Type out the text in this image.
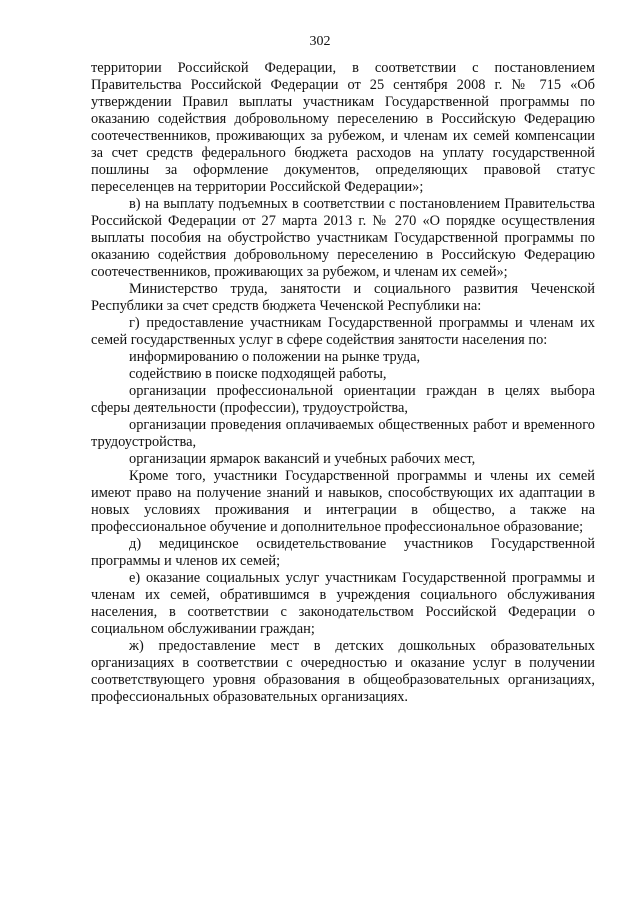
302

территории Российской Федерации, в соответствии с постановлением Правительства Российской Федерации от 25 сентября 2008 г. № 715 «Об утверждении Правил выплаты участникам Государственной программы по оказанию содействия добровольному переселению в Российскую Федерацию соотечественников, проживающих за рубежом, и членам их семей компенсации за счет средств федерального бюджета расходов на уплату государственной пошлины за оформление документов, определяющих правовой статус переселенцев на территории Российской Федерации»;

в) на выплату подъемных в соответствии с постановлением Правительства Российской Федерации от 27 марта 2013 г. № 270 «О порядке осуществления выплаты пособия на обустройство участникам Государственной программы по оказанию содействия добровольному переселению в Российскую Федерацию соотечественников, проживающих за рубежом, и членам их семей»;

Министерство труда, занятости и социального развития Чеченской Республики за счет средств бюджета Чеченской Республики на:

г) предоставление участникам Государственной программы и членам их семей государственных услуг в сфере содействия занятости населения по:

информированию о положении на рынке труда,

содействию в поиске подходящей работы,

организации профессиональной ориентации граждан в целях выбора сферы деятельности (профессии), трудоустройства,

организации проведения оплачиваемых общественных работ и временного трудоустройства,

организации ярмарок вакансий и учебных рабочих мест,

Кроме того, участники Государственной программы и члены их семей имеют право на получение знаний и навыков, способствующих их адаптации в новых условиях проживания и интеграции в общество, а также на профессиональное обучение и дополнительное профессиональное образование;

д) медицинское освидетельствование участников Государственной программы и членов их семей;

е) оказание социальных услуг участникам Государственной программы и членам их семей, обратившимся в учреждения социального обслуживания населения, в соответствии с законодательством Российской Федерации о социальном обслуживании граждан;

ж) предоставление мест в детских дошкольных образовательных организациях в соответствии с очередностью и оказание услуг в получении соответствующего уровня образования в общеобразовательных организациях, профессиональных образовательных организациях.
